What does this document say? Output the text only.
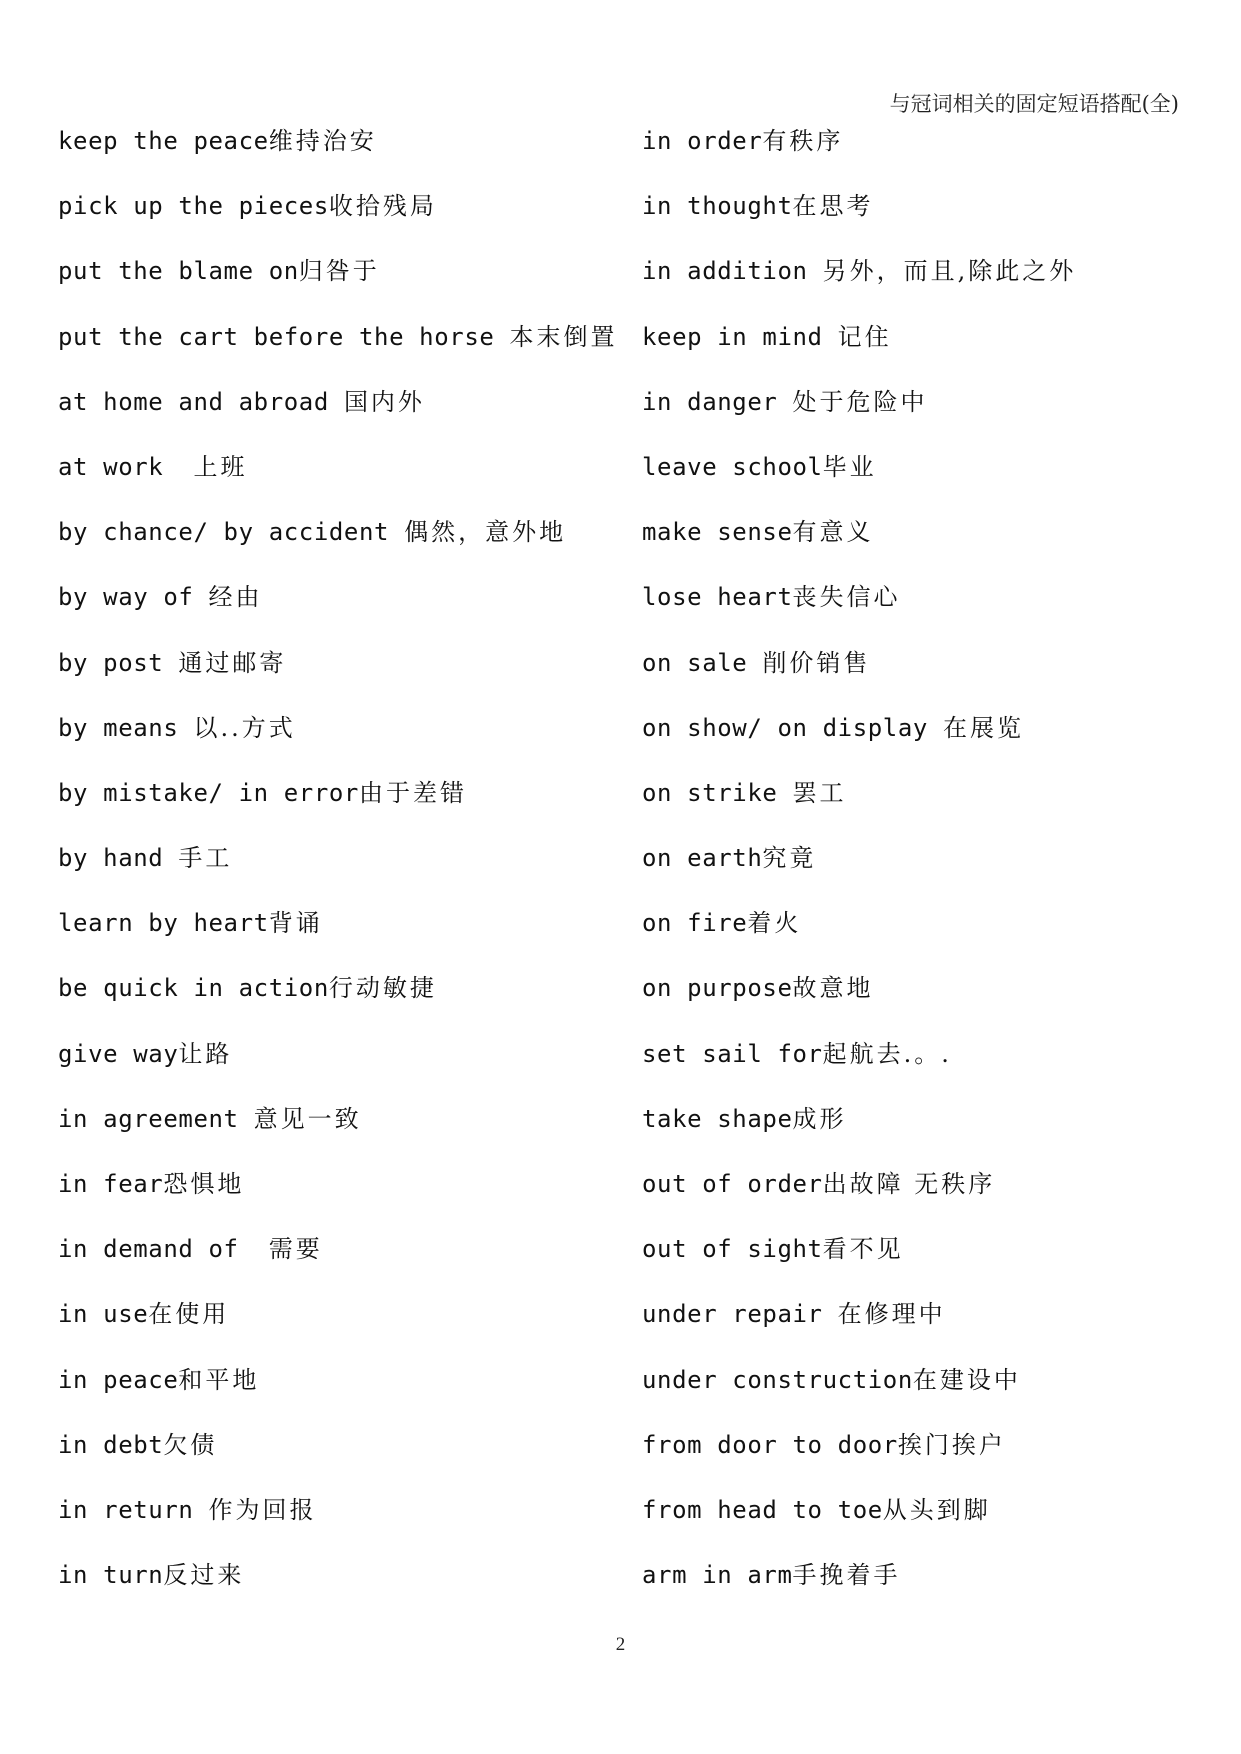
与冠词相关的固定短语搭配(全)
keep the peace维持治安
pick up the pieces收拾残局
put the blame on归咎于
put the cart before the horse 本末倒置
at home and abroad 国内外
at work  上班
by chance/ by accident 偶然，意外地
by way of 经由
by post 通过邮寄
by means 以..方式
by mistake/ in error由于差错
by hand 手工
learn by heart背诵
be quick in action行动敏捷
give way让路
in agreement 意见一致
in fear恐惧地
in demand of  需要
in use在使用
in peace和平地
in debt欠债
in return 作为回报
in turn反过来
in order有秩序
in thought在思考
in addition 另外，而且,除此之外
keep in mind 记住
in danger 处于危险中
leave school毕业
make sense有意义
lose heart丧失信心
on sale 削价销售
on show/ on display 在展览
on strike 罢工
on earth究竟
on fire着火
on purpose故意地
set sail for起航去.。.
take shape成形
out of order出故障 无秩序
out of sight看不见
under repair 在修理中
under construction在建设中
from door to door挨门挨户
from head to toe从头到脚
arm in arm手挽着手
2
